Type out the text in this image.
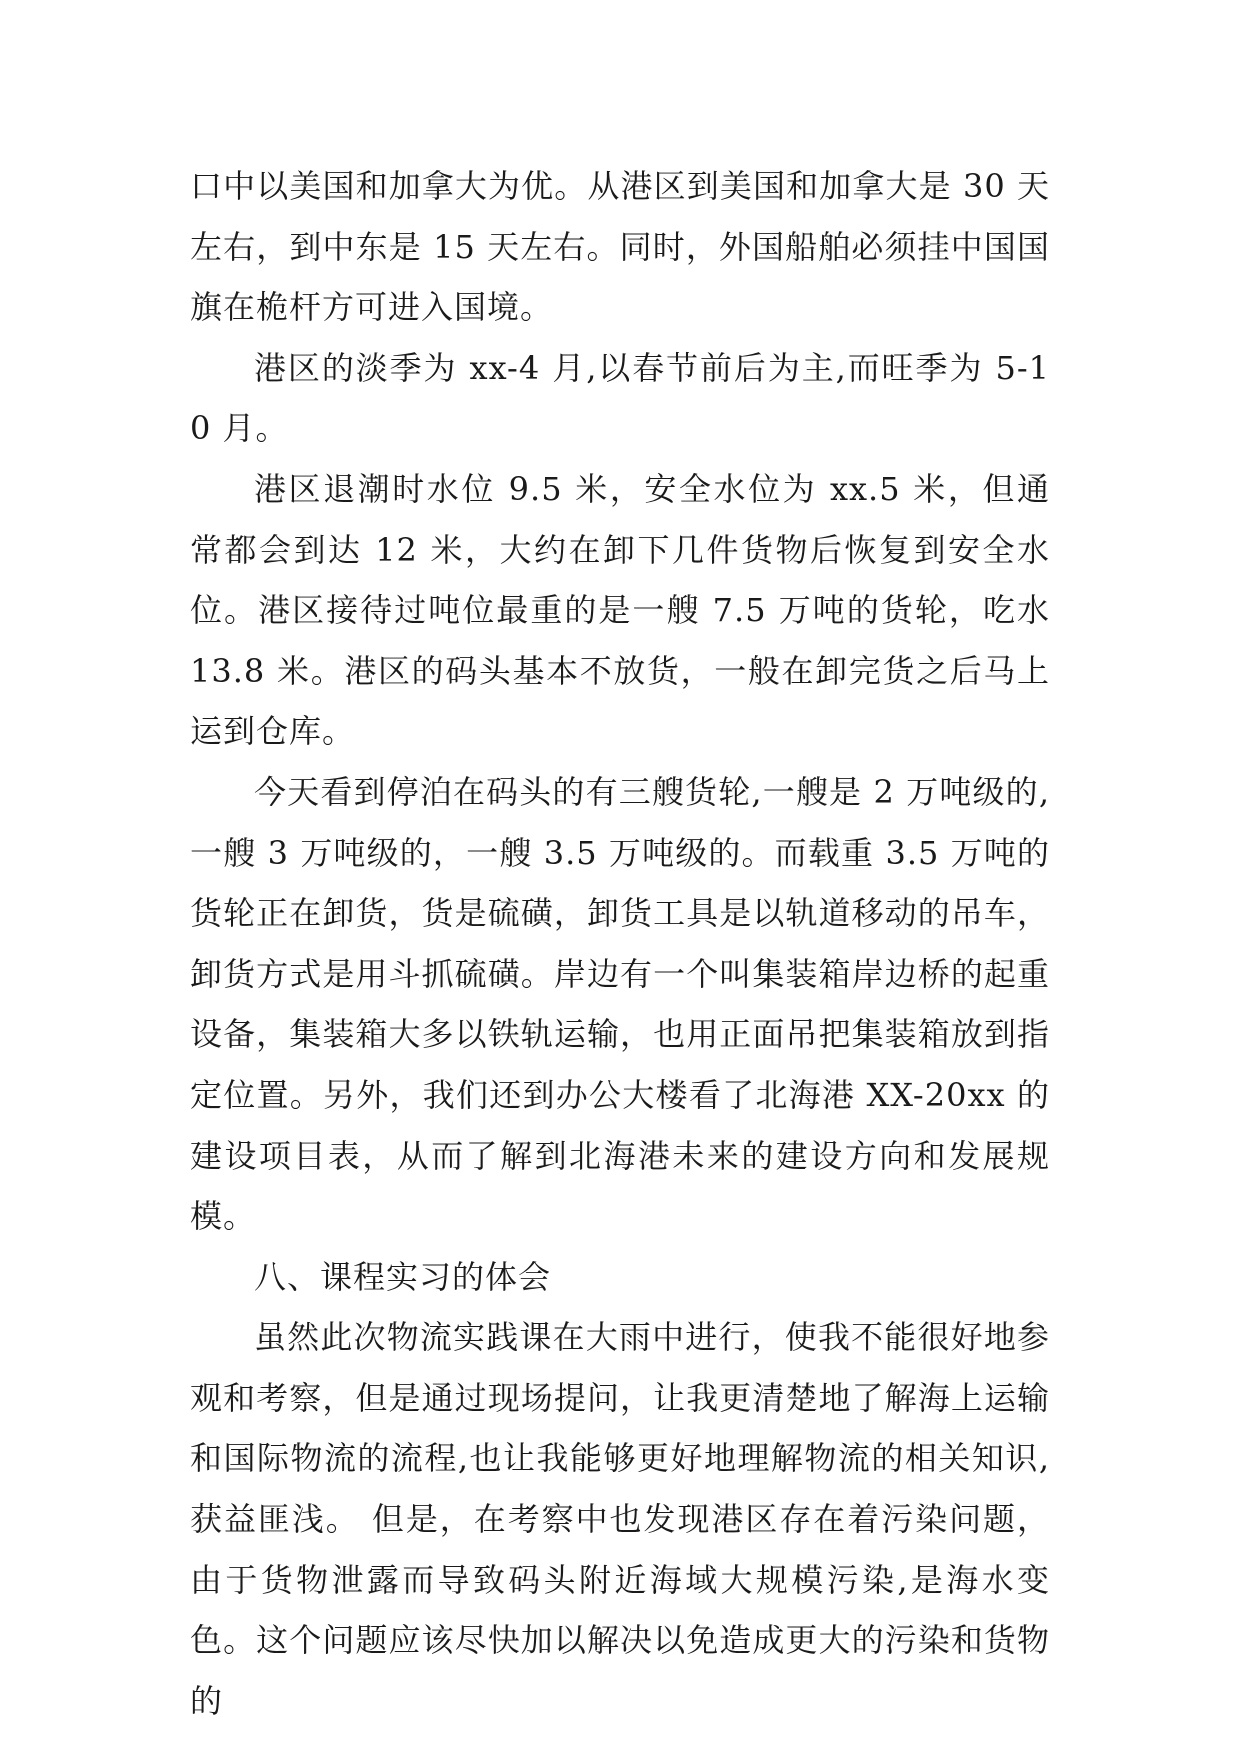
口中以美国和加拿大为优。从港区到美国和加拿大是 30 天左右，到中东是 15 天左右。同时，外国船舶必须挂中国国旗在桅杆方可进入国境。

港区的淡季为 xx-4 月,以春节前后为主,而旺季为 5-10 月。

港区退潮时水位 9.5 米，安全水位为 xx.5 米，但通常都会到达 12 米，大约在卸下几件货物后恢复到安全水位。港区接待过吨位最重的是一艘 7.5 万吨的货轮，吃水 13.8 米。港区的码头基本不放货，一般在卸完货之后马上运到仓库。

今天看到停泊在码头的有三艘货轮,一艘是 2 万吨级的,一艘 3 万吨级的，一艘 3.5 万吨级的。而载重 3.5 万吨的货轮正在卸货，货是硫磺，卸货工具是以轨道移动的吊车，卸货方式是用斗抓硫磺。岸边有一个叫集装箱岸边桥的起重设备，集装箱大多以铁轨运输，也用正面吊把集装箱放到指定位置。另外，我们还到办公大楼看了北海港 XX-20xx 的建设项目表，从而了解到北海港未来的建设方向和发展规模。

八、课程实习的体会

虽然此次物流实践课在大雨中进行，使我不能很好地参观和考察，但是通过现场提问，让我更清楚地了解海上运输和国际物流的流程,也让我能够更好地理解物流的相关知识,获益匪浅。 但是，在考察中也发现港区存在着污染问题，由于货物泄露而导致码头附近海域大规模污染,是海水变色。这个问题应该尽快加以解决以免造成更大的污染和货物的
